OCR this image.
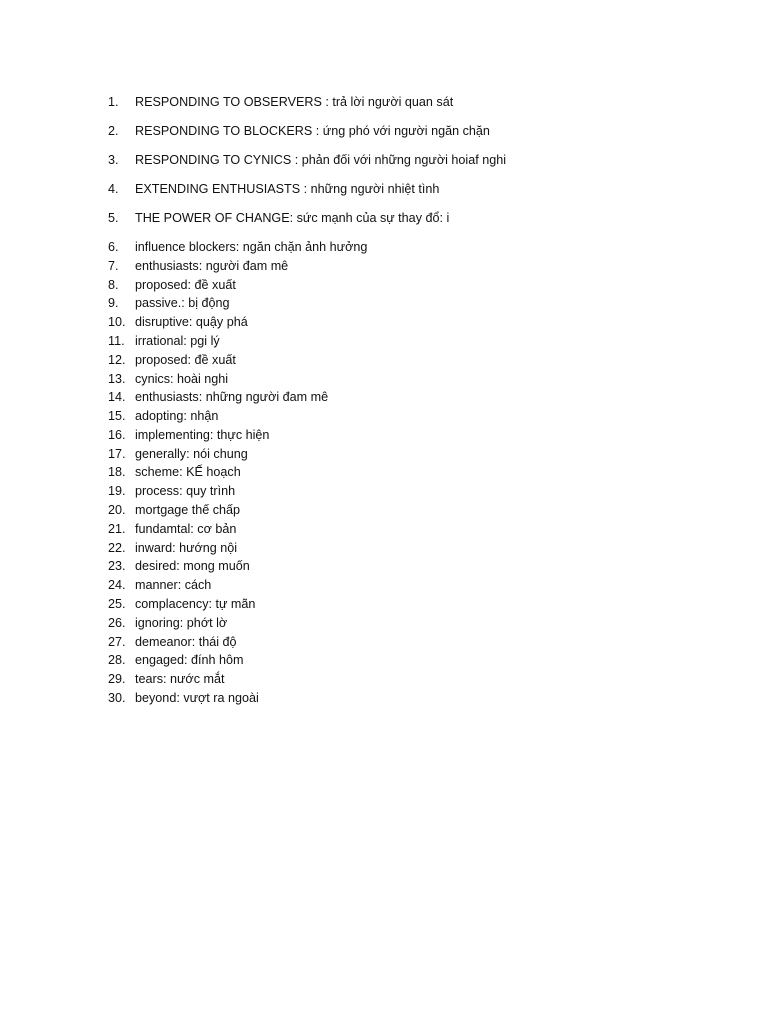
1.	RESPONDING TO OBSERVERS : trả lời người quan sát
2.	RESPONDING TO BLOCKERS : ứng phó với người ngăn chặn
3.	RESPONDING TO CYNICS : phản đối với những người hoiaf nghi
4.	EXTENDING ENTHUSIASTS : những người nhiệt tình
5.	THE POWER OF CHANGE: sức mạnh của sự thay đổ: i
6.	influence blockers: ngăn chặn ảnh hưởng
7.	enthusiasts: người đam mê
8.	proposed: đề xuất
9.	passive.: bị động
10. disruptive: quậy phá
11. irrational: pgi lý
12. proposed: đề xuất
13. cynics: hoài nghi
14. enthusiasts: những người đam mê
15. adopting: nhận
16. implementing: thực hiện
17. generally: nói chung
18. scheme: KẾ hoạch
19. process: quy trình
20. mortgage thế chấp
21. fundamtal: cơ bản
22. inward: hướng nội
23. desired: mong muốn
24. manner: cách
25. complacency: tự mãn
26. ignoring: phớt lờ
27. demeanor: thái độ
28. engaged: đính hôm
29. tears: nước mắt
30. beyond: vượt ra ngoài
